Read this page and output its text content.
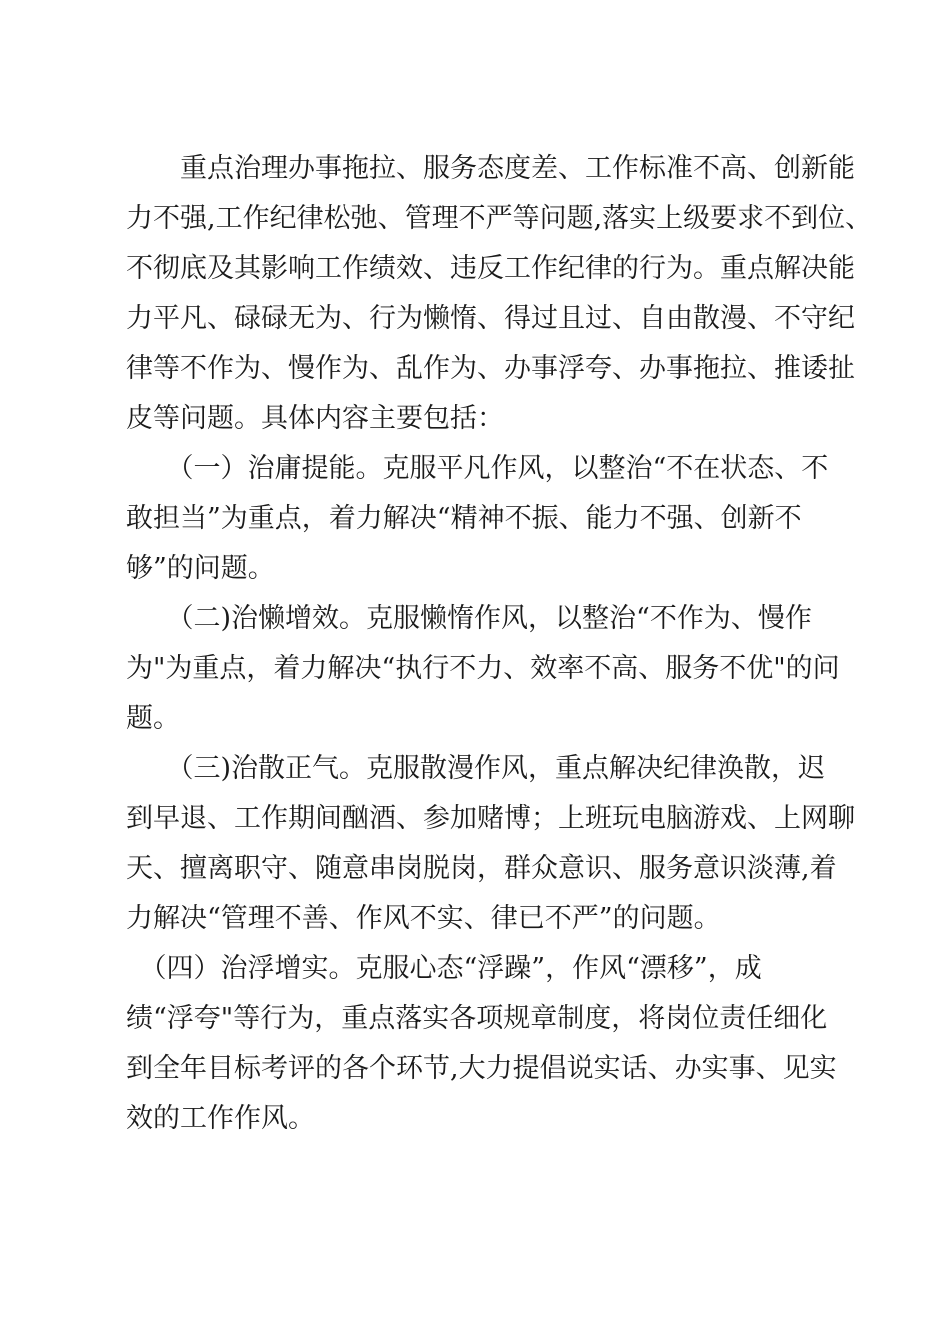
　　重点治理办事拖拉、服务态度差、工作标准不高、创新能
力不强,工作纪律松弛、管理不严等问题,落实上级要求不到位、
不彻底及其影响工作绩效、违反工作纪律的行为。重点解决能
力平凡、碌碌无为、行为懒惰、得过且过、自由散漫、不守纪
律等不作为、慢作为、乱作为、办事浮夸、办事拖拉、推诿扯
皮等问题。具体内容主要包括：
　　（一）治庸提能。克服平凡作风，以整治“不在状态、不
敢担当”为重点，着力解决“精神不振、能力不强、创新不
够”的问题。
　　（二)治懒增效。克服懒惰作风，以整治“不作为、慢作
为"为重点，着力解决“执行不力、效率不高、服务不优"的问
题。
　　（三)治散正气。克服散漫作风，重点解决纪律涣散，迟
到早退、工作期间酗酒、参加赌博；上班玩电脑游戏、上网聊
天、擅离职守、随意串岗脱岗，群众意识、服务意识淡薄,着
力解决“管理不善、作风不实、律已不严”的问题。
　（四）治浮增实。克服心态“浮躁”，作风“漂移”，成
绩“浮夸"等行为，重点落实各项规章制度，将岗位责任细化
到全年目标考评的各个环节,大力提倡说实话、办实事、见实
效的工作作风。
